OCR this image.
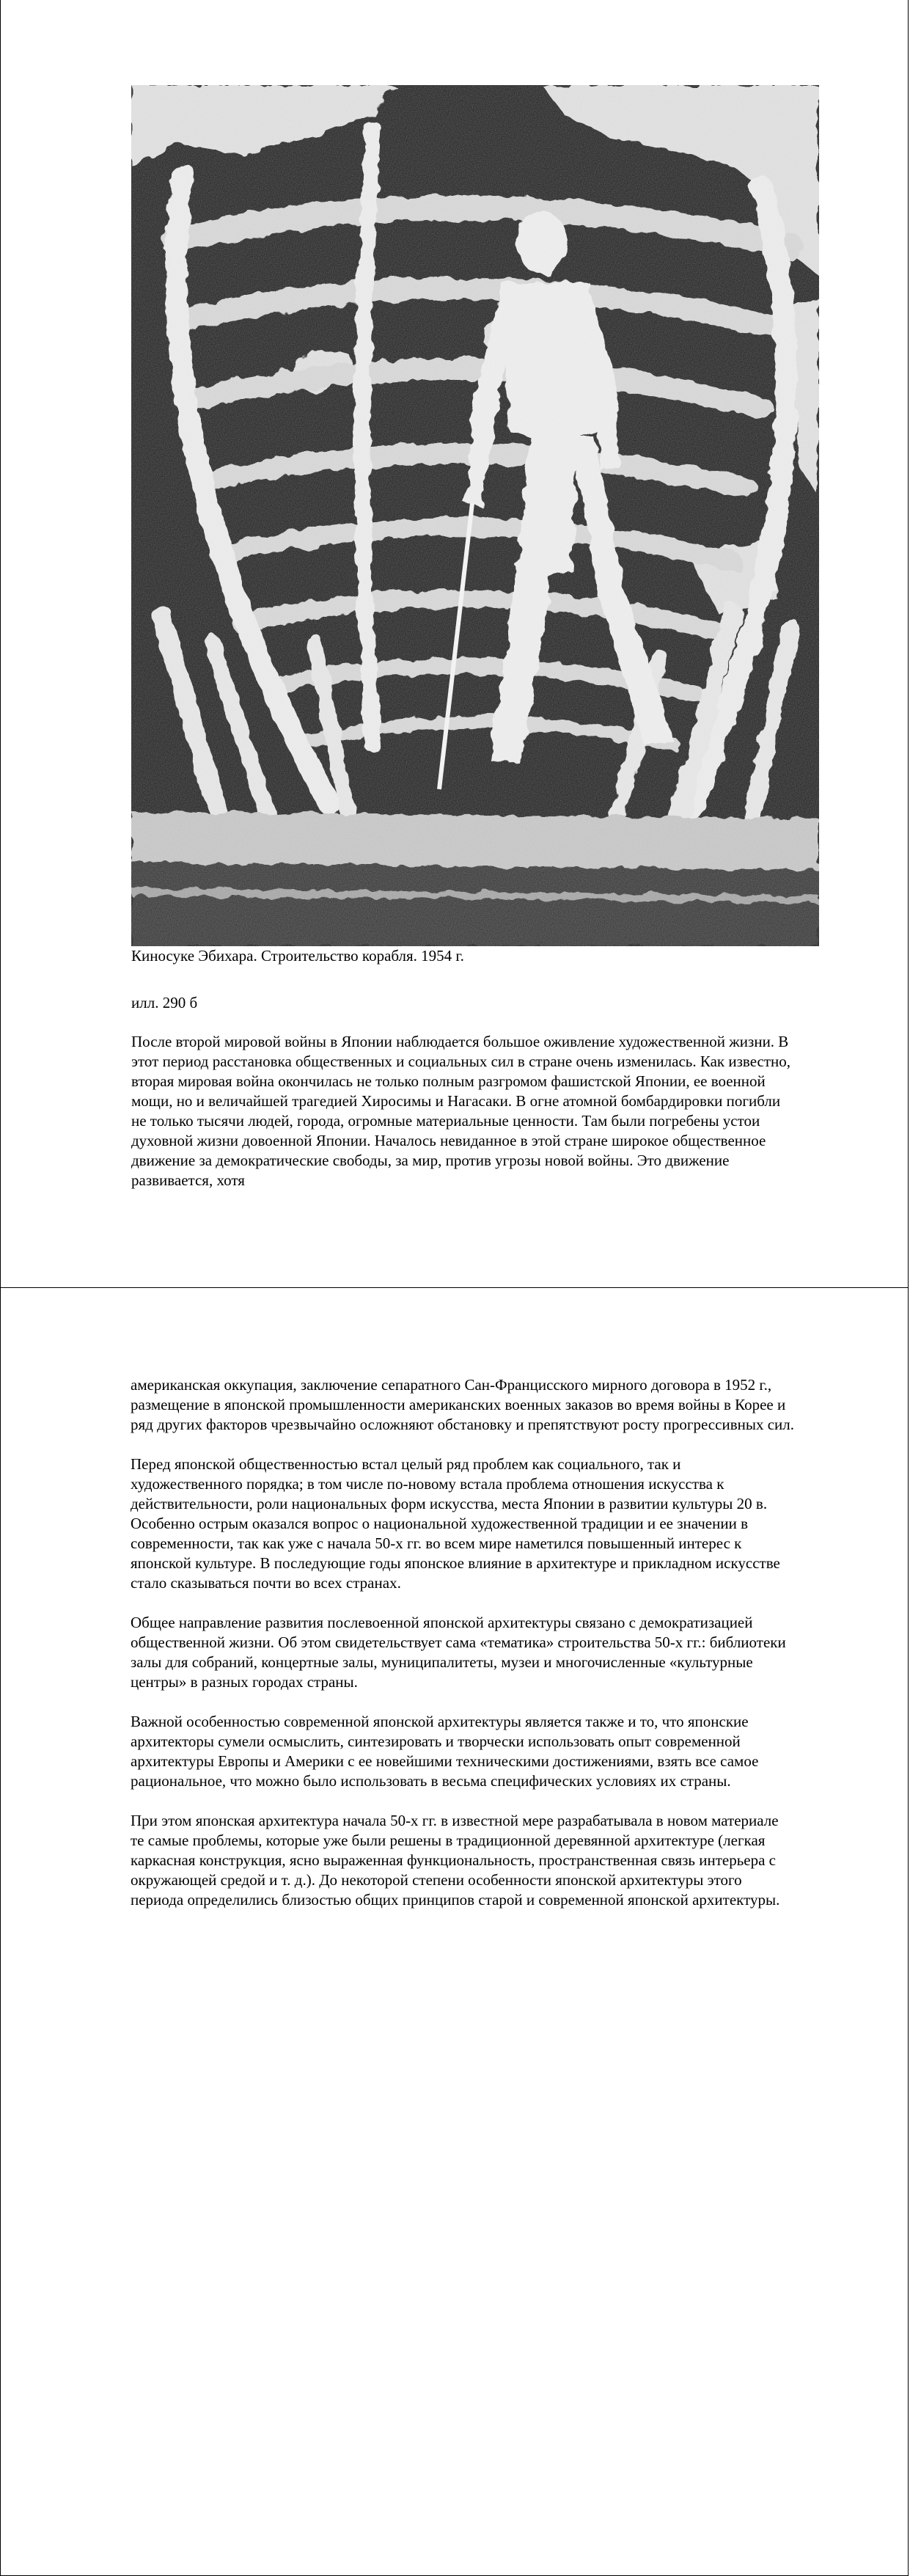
Киносуке Эбихара. Строительство корабля. 1954 г.

илл. 290 б

После второй мировой войны в Японии наблюдается большое оживление художественной жизни. В этот период расстановка общественных и социальных сил в стране очень изменилась. Как известно, вторая мировая война окончилась не только полным разгромом фашистской Японии, ее военной мощи, но и величайшей трагедией Хиросимы и Нагасаки. В огне атомной бомбардировки погибли не только тысячи людей, города, огромные материальные ценности. Там были погребены устои духовной жизни довоенной Японии. Началось невиданное в этой стране широкое общественное движение за демократические свободы, за мир, против угрозы новой войны. Это движение развивается, хотя

американская оккупация, заключение сепаратного Сан-Францисского мирного договора в 1952 г., размещение в японской промышленности американских военных заказов во время войны в Корее и ряд других факторов чрезвычайно осложняют обстановку и препятствуют росту прогрессивных сил.

Перед японской общественностью встал целый ряд проблем как социального, так и художественного порядка; в том числе по-новому встала проблема отношения искусства к действительности, роли национальных форм искусства, места Японии в развитии культуры 20 в. Особенно острым оказался вопрос о национальной художественной традиции и ее значении в современности, так как уже с начала 50-х гг. во всем мире наметился повышенный интерес к японской культуре. В последующие годы японское влияние в архитектуре и прикладном искусстве стало сказываться почти во всех странах.

Общее направление развития послевоенной японской архитектуры связано с демократизацией общественной жизни. Об этом свидетельствует сама «тематика» строительства 50-х гг.: библиотеки залы для собраний, концертные залы, муниципалитеты, музеи и многочисленные «культурные центры» в разных городах страны.

Важной особенностью современной японской архитектуры является также и то, что японские архитекторы сумели осмыслить, синтезировать и творчески использовать опыт современной архитектуры Европы и Америки с ее новейшими техническими достижениями, взять все самое рациональное, что можно было использовать в весьма специфических условиях их страны.

При этом японская архитектура начала 50-х гг. в известной мере разрабатывала в новом материале те самые проблемы, которые уже были решены в традиционной деревянной архитектуре (легкая каркасная конструкция, ясно выраженная функциональность, пространственная связь интерьера с окружающей средой и т. д.). До некоторой степени особенности японской архитектуры этого периода определились близостью общих принципов старой и современной японской архитектуры.
